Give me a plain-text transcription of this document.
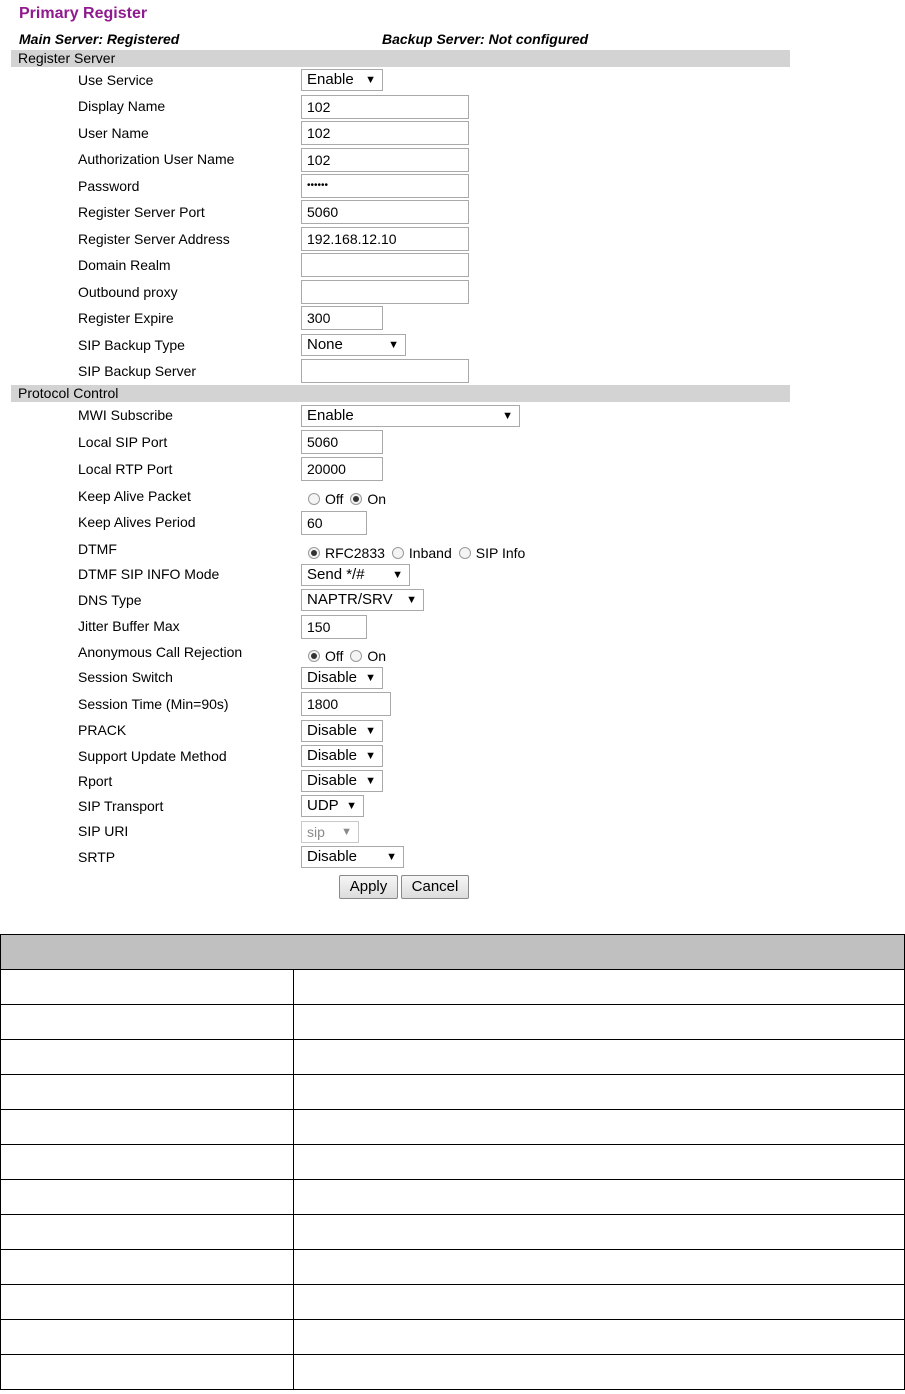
Primary Register
Main Server: Registered	Backup Server: Not configured
Register Server
Use Service	Enable ▼
Display Name	102
User Name	102
Authorization User Name	102
Password	••••••
Register Server Port	5060
Register Server Address	192.168.12.10
Domain Realm
Outbound proxy
Register Expire	300
SIP Backup Type	None	▼
SIP Backup Server
Protocol Control
MWI Subscribe	Enable	▼
Local SIP Port	5060
Local RTP Port	20000
Keep Alive Packet	Off On
Keep Alives Period	60
DTMF	RFC2833 Inband SIP Info
DTMF SIP INFO Mode	Send */#	▼
DNS Type	NAPTR/SRV ▼
Jitter Buffer Max	150
Anonymous Call Rejection	Off On
Session Switch	Disable ▼
Session Time (Min=90s)	1800
PRACK	Disable ▼
Support Update Method	Disable ▼
Rport	Disable ▼
SIP Transport	UDP ▼
SIP URI	sip ▼
SRTP	Disable	▼
Apply	Cancel
